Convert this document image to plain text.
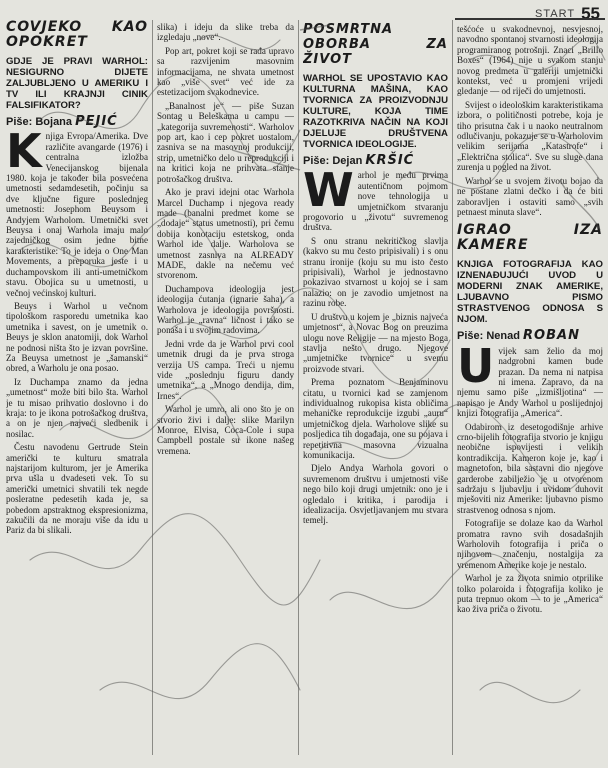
START 55
ČOVJEKO KAO OPOKRET
GDJE JE PRAVI WARHOL: NESIGURNO DIJETE ZALJUBLJENO U AMERIKU I TV ILI KRAJNJI CINIK FALSIFIKATOR?
Piše: Bojana PEJIĆ
K njiga Evropa/Amerika. Dve različite avangarde (1976) i centralna izložba Venecijanskog bijenala 1980. koja je također bila posvećena umetnosti sedamdesetih, počinju sa dve ključne figure poslednjeg umetnosti: Josephom Beuysom i Andyjem Warholom. Umetnički svet Beuysa i onaj Warhola imaju malo zajedničkog osim jedne bitne karakteristike: To je ideja o One Man Movements, a preporuka jeste i u duchampovskom ili anti-umetničkom stavu. Obojica su u umetnosti, u večnoj većinskoj kulturi.

Beuys i Warhol u večnom tipološkom rasporedu umetnika kao umetnika i savest, on je umetnik o. Beuys je sklon anatomiji, dok Warhol ne podnosi ništa što je izvan površine. Za Beuysa umetnost je „šamanski“ obred, a Warholu je ona posao.

Iz Duchampa znamo da jedna „umetnost“ može biti bilo šta. Warhol je tu misao prihvatio doslovno i do kraja: to je ikona potrošačkog društva, a on je njen najveći sledbenik i nosilac.

Čestu navodenu Gertrude Stein američki te kulturu smatrala najstarijom kulturom, jer je Amerika prva ušla u dvadeseti vek. To su američki umetnici shvatili tek negde posleratne pedesetih kada je, sa pobedom apstraktnog ekspresionizma, zakučili da ne moraju više da idu u Pariz da bi slikali.

slika) i ideju da slike treba da izgledaju „nove“.

Pop art, pokret koji se rađa upravo sa razvijenim masovnim informacijama, ne shvata umetnost kao „više svet“ već ide za estetizacijom svakodnevice.

„Banalnost je“ — piše Suzan Sontag u Beleškama u campu — „kategorija suvremenosti“. Warholov pop art, kao i cep pokret uostalom, zasniva se na masovnoj produkciji, strip, umetničko delo u reprodukciji i na kritici koja ne prihvata stanje potrošačkog društva.

Ako je pravi idejni otac Warhola Marcel Duchamp i njegova ready made (banalni predmet kome se „dodaje“ status umetnosti), pri čemu dobija konotaciju estetskog, onda Warhol ide dalje. Warholova se umetnost zasniva na ALREADY MADE, dakle na nečemu već stvorenom.

Duchampova ideologija jest ideologija ćutanja (ignarie šaha), a Warholova je ideologija površnosti. Warhol je „ravna“ ličnost i tako se ponaša i u svojim radovima.

Jedni vrde da je Warhol prvi cool umetnik drugi da je prva stroga verzija US campa. Treći u njemu vide „poslednju figuru dandy umetnika“, a „Mnogo dendija, dim, Irnes“.

Warhol je umro, ali ono što je on stvorio živi i dalje: slike Marilyn Monroe, Elvisa, Coca-Cole i supa Campbell postale su ikone našeg vremena.

POSMRTNA OBORBA ZA ŽIVOT
WARHOL SE UPOSTAVIO KAO KULTURNA MAŠINA, KAO TVORNICA ZA PROIZVODNJU KULTURE, KOJA TIME RAZOTKRIVA NAČIN NA KOJI DJELUJE DRUŠTVENA TVORNICA IDEOLOGIJE.
Piše: Dejan KRŠIĆ
W arhol je među prvima autentičnom pojmom nove tehnologija u umjetničkom stvaranju progovorio u „životu“ suvremenog društva.

S onu stranu nekritičkog slavlja (kakvo su mu često pripisivali) i s onu stranu ironije (koju su mu isto često pripisivali), Warhol je jednostavno pokazivao stvarnost u kojoj se i sam nalazio: on je zavodio umjetnost na razinu robe.

U društvu u kojem je „biznis najveća umjetnost“, a Novac Bog on preuzima ulogu nove Religije — na mjesto Boga stavlja nešto drugo. Njegove „umjetničke tvornice“ u svemu proizvode stvari.

Prema poznatom Benjaminovu citatu, u tvornici kad se zamjenom individualnog rukopisa kista obličima mehaničke reprodukcije izgubi „auru“ umjetničkog djela. Warholove slike su posljedica tih događaja, one su pojava i repetitivna masovna vizualna komunikacija.

Djelo Andya Warhola govori o suvremenom društvu i umjetnosti više nego bilo koji drugi umjetnik: ono je i ogledalo i kritika, i parodija i idealizacija. Osvjetljavanjem mu stvara temelj.

tešćoće u svakodnevnoj, nesvjesnoj, navodno spontanoj stvarnosti ideologija programiranog potrošnji. Znaci „Brillo Boxes“ (1964) nije u svakom stanju novog predmeta u galeriji umjetnički kontekst, već u promjeni vrijedi gledanje — od riječi do umjetnosti.

Svijest o ideološkim karakteristikama izbora, o političnosti potrebe, koja je tiho prisutna čak i u naoko neutralnom odlučivanju, pokazuje se u Warholovim velikim serijama „Katastrofe“ i „Električna stolica“. Sve su sluge dana zurenja u pogled na život.

Warhol se u svojem životu bojao da ne postane zlatni dečko i da će biti zaboravljen i ostaviti samo „svih petnaest minuta slave“.

IGRAO IZA KAMERE
KNJIGA FOTOGRAFIJA KAO IZNENAĐUJUĆI UVOD U MODERNI ZNAK AMERIKE, LJUBAVNO PISMO STRASTVENOG ODNOSA S NJOM.
Piše: Nenad ROBAN
U vijek sam želio da moj nadgrobni kamen bude prazan. Da nema ni natpisa ni imena. Zapravo, da na njemu samo piše „izmišljotina“ — napisao je Andy Warhol u poslijednjoj knjizi fotografija „America“.

Odabirom iz desetogodišnje arhive crno-bijelih fotografija stvorio je knjigu neobične ispovijesti i velikih kontradikcija. Kameron koje je, kao i magnetofon, bila sastavni dio njegove garderobe zabilježio je u otvorenom sadržaju s ljubavlju i uvidom duhovit mješoviti niz Amerike: ljubavno pismo strastvenog odnosa s njom.

Fotografije se dolaze kao da Warhol promatra ravno svih dosadašnjih Warholovih fotografija i priča o njihovom značenju, nostalgija za vremenom Amerike koje je nestalo.

Warhol je za života snimio otprilike tolko polaroida i fotografija koliko je puta trepnuo okom — to je „America“ kao živa priča o životu.
